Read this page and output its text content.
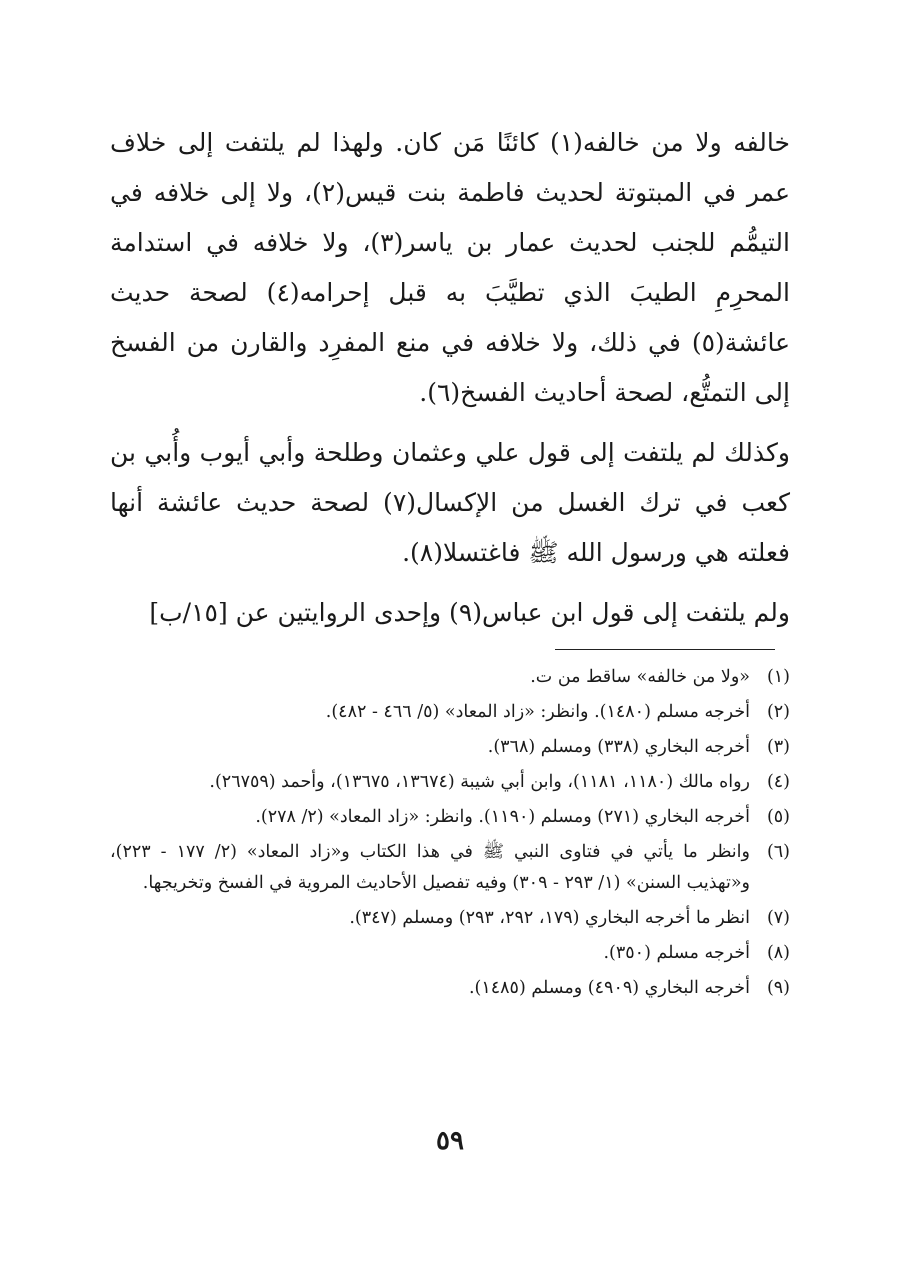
خالفه ولا من خالفه(١) كائنًا مَن كان. ولهذا لم يلتفت إلى خلاف عمر في المبتوتة لحديث فاطمة بنت قيس(٢)، ولا إلى خلافه في التيمُّم للجنب لحديث عمار بن ياسر(٣)، ولا خلافه في استدامة المحرِمِ الطيبَ الذي تطيَّبَ به قبل إحرامه(٤) لصحة حديث عائشة(٥) في ذلك، ولا خلافه في منع المفرِد والقارن من الفسخ إلى التمتُّع، لصحة أحاديث الفسخ(٦).

وكذلك لم يلتفت إلى قول علي وعثمان وطلحة وأبي أيوب وأُبي بن كعب في ترك الغسل من الإكسال(٧) لصحة حديث عائشة أنها فعلته هي ورسول الله ﷺ فاغتسلا(٨).

ولم يلتفت إلى قول ابن عباس(٩) وإحدى الروايتين عن [١٥/ب]

(١)
«ولا من خالفه» ساقط من ت.
(٢)
أخرجه مسلم (١٤٨٠). وانظر: «زاد المعاد» (٥/ ٤٦٦ - ٤٨٢).
(٣)
أخرجه البخاري (٣٣٨) ومسلم (٣٦٨).
(٤)
رواه مالك (١١٨٠، ١١٨١)، وابن أبي شيبة (١٣٦٧٤، ١٣٦٧٥)، وأحمد (٢٦٧٥٩).
(٥)
أخرجه البخاري (٢٧١) ومسلم (١١٩٠). وانظر: «زاد المعاد» (٢/ ٢٧٨).
(٦)
وانظر ما يأتي في فتاوى النبي ﷺ في هذا الكتاب و«زاد المعاد» (٢/ ١٧٧ - ٢٢٣)، و«تهذيب السنن» (١/ ٢٩٣ - ٣٠٩) وفيه تفصيل الأحاديث المروية في الفسخ وتخريجها.
(٧)
انظر ما أخرجه البخاري (١٧٩، ٢٩٢، ٢٩٣) ومسلم (٣٤٧).
(٨)
أخرجه مسلم (٣٥٠).
(٩)
أخرجه البخاري (٤٩٠٩) ومسلم (١٤٨٥).
٥٩
